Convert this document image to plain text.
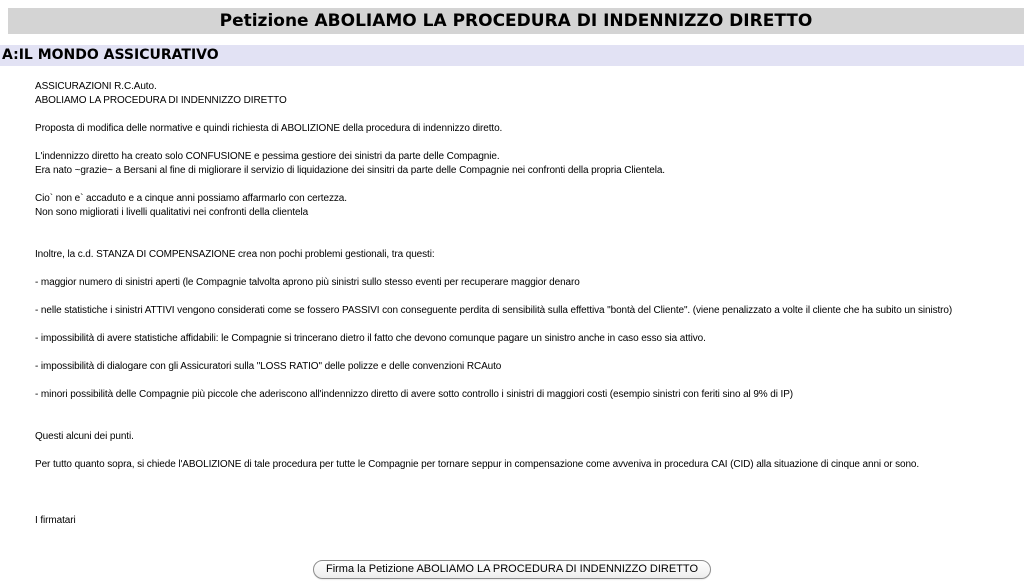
Petizione ABOLIAMO LA PROCEDURA DI INDENNIZZO DIRETTO
A:IL MONDO ASSICURATIVO
ASSICURAZIONI R.C.Auto.
ABOLIAMO LA PROCEDURA DI INDENNIZZO DIRETTO

Proposta di modifica delle normative e quindi richiesta di ABOLIZIONE della procedura di indennizzo diretto.

L'indennizzo diretto ha creato solo CONFUSIONE e pessima gestiore dei sinistri da parte delle Compagnie.
Era nato ~grazie~ a Bersani al fine di migliorare il servizio di liquidazione dei sinsitri da parte delle Compagnie nei confronti della propria Clientela.

Cio` non e` accaduto e a cinque anni possiamo affarmarlo con certezza.
Non sono migliorati i livelli qualitativi nei confronti della clientela

Inoltre, la c.d. STANZA DI COMPENSAZIONE crea non pochi problemi gestionali, tra questi:

- maggior numero di sinistri aperti (le Compagnie talvolta aprono più sinistri sullo stesso eventi per recuperare maggior denaro

- nelle statistiche i sinistri ATTIVI vengono considerati come se fossero PASSIVI con conseguente perdita di sensibilità sulla effettiva "bontà del Cliente". (viene penalizzato a volte il cliente che ha subito un sinistro)

- impossibilità di avere statistiche affidabili: le Compagnie si trincerano dietro il fatto che devono comunque pagare un sinistro anche in caso esso sia attivo.

- impossibilità di dialogare con gli Assicuratori sulla "LOSS RATIO" delle polizze e delle convenzioni RCAuto

- minori possibilità delle Compagnie più piccole che aderiscono all'indennizzo diretto di avere sotto controllo i sinistri di maggiori costi (esempio sinistri con feriti sino al 9% di IP)

Questi alcuni dei punti.

Per tutto quanto sopra, si chiede l'ABOLIZIONE di tale procedura per tutte le Compagnie per tornare seppur in compensazione come avveniva in procedura CAI (CID) alla situazione di cinque anni or sono.

I firmatari
Firma la Petizione ABOLIAMO LA PROCEDURA DI INDENNIZZO DIRETTO
